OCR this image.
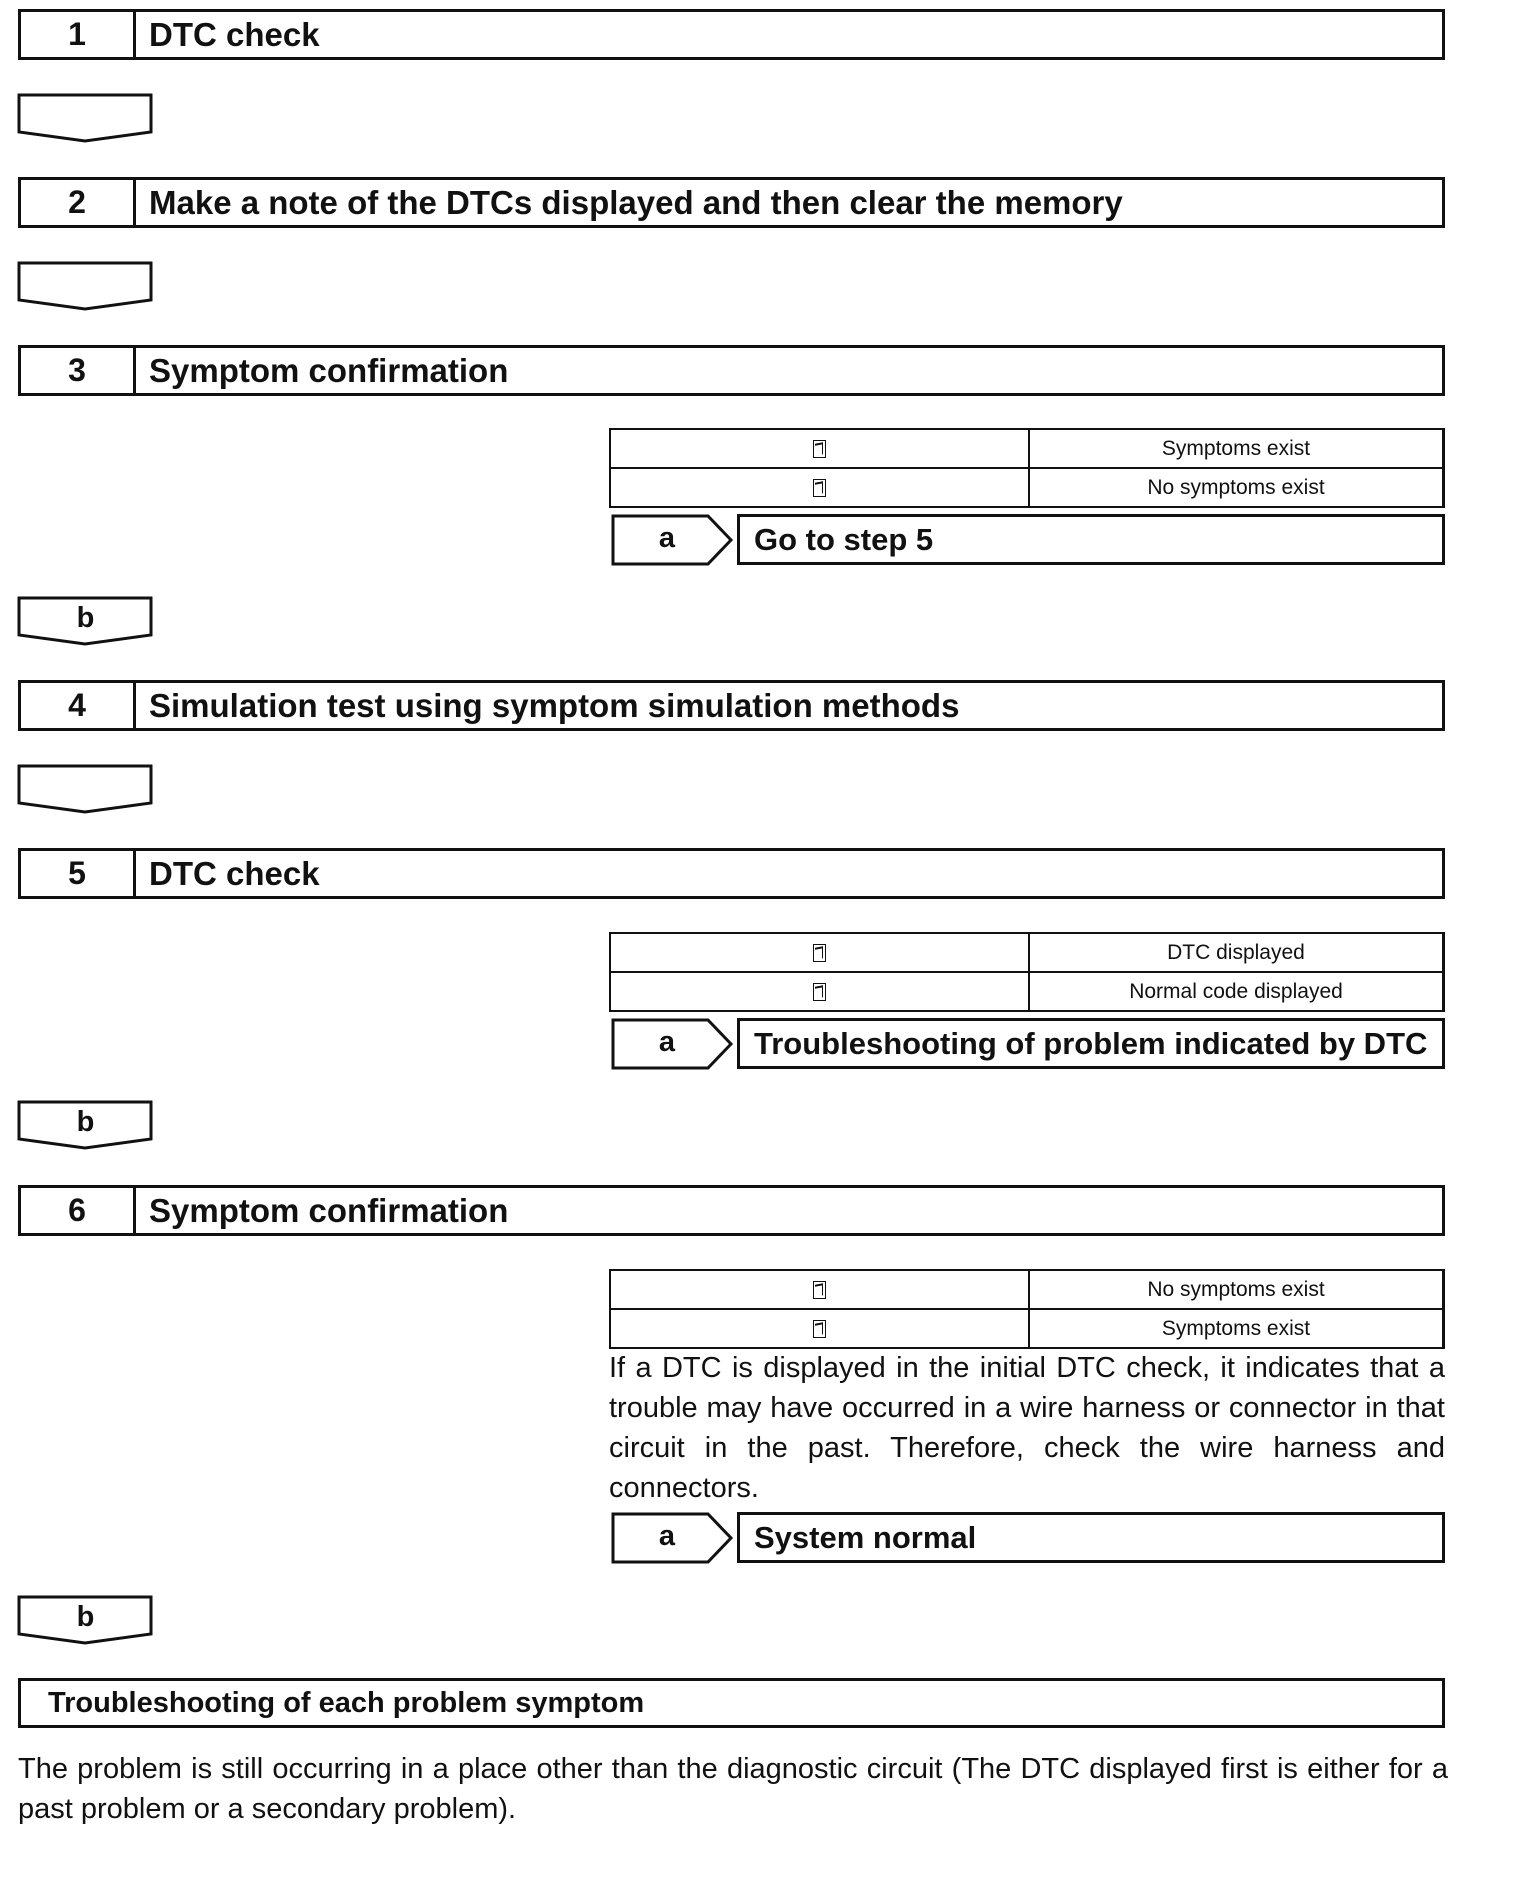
1	DTC check
2	Make a note of the DTCs displayed and then clear the memory
3	Symptom confirmation
Symptoms exist
No symptoms exist
a	Go to step 5
b
4	Simulation test using symptom simulation methods
5	DTC check
DTC displayed
Normal code displayed
a	Troubleshooting of problem indicated by DTC
b
6	Symptom confirmation
No symptoms exist
Symptoms exist
If a DTC is displayed in the initial DTC check, it indicates that a trouble may have occurred in a wire harness or connector in that circuit in the past. Therefore, check the wire harness and connectors.
a	System normal
b
Troubleshooting of each problem symptom
The problem is still occurring in a place other than the diagnostic circuit (The DTC displayed first is either for a past problem or a secondary problem).
